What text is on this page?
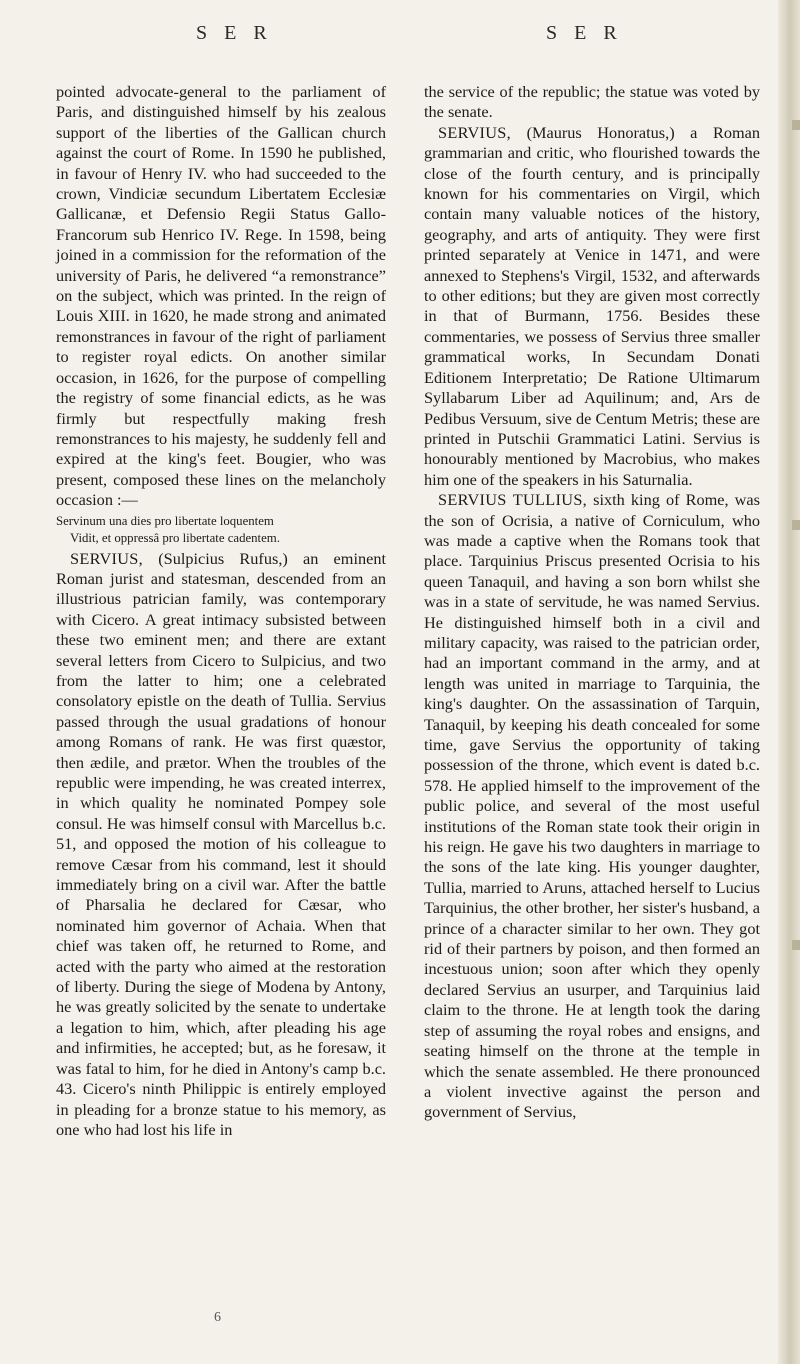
S E R	S E R

pointed advocate-general to the parliament of Paris, and distinguished himself by his zealous support of the liberties of the Gallican church against the court of Rome. In 1590 he published, in favour of Henry IV. who had succeeded to the crown, Vindiciæ secundum Libertatem Ecclesiæ Gallicanæ, et Defensio Regii Status Gallo-Francorum sub Henrico IV. Rege. In 1598, being joined in a commission for the reformation of the university of Paris, he delivered “a remonstrance” on the subject, which was printed. In the reign of Louis XIII. in 1620, he made strong and animated remonstrances in favour of the right of parliament to register royal edicts. On another similar occasion, in 1626, for the purpose of compelling the registry of some financial edicts, as he was firmly but respectfully making fresh remonstrances to his majesty, he suddenly fell and expired at the king's feet. Bougier, who was present, composed these lines on the melancholy occasion :—

Servinum una dies pro libertate loquentem
Vidit, et oppressâ pro libertate cadentem.

SERVIUS, (Sulpicius Rufus,) an eminent Roman jurist and statesman, descended from an illustrious patrician family, was contemporary with Cicero. A great intimacy subsisted between these two eminent men; and there are extant several letters from Cicero to Sulpicius, and two from the latter to him; one a celebrated consolatory epistle on the death of Tullia. Servius passed through the usual gradations of honour among Romans of rank. He was first quæstor, then ædile, and prætor. When the troubles of the republic were impending, he was created interrex, in which quality he nominated Pompey sole consul. He was himself consul with Marcellus b.c. 51, and opposed the motion of his colleague to remove Cæsar from his command, lest it should immediately bring on a civil war. After the battle of Pharsalia he declared for Cæsar, who nominated him governor of Achaia. When that chief was taken off, he returned to Rome, and acted with the party who aimed at the restoration of liberty. During the siege of Modena by Antony, he was greatly solicited by the senate to undertake a legation to him, which, after pleading his age and infirmities, he accepted; but, as he foresaw, it was fatal to him, for he died in Antony's camp b.c. 43. Cicero's ninth Philippic is entirely employed in pleading for a bronze statue to his memory, as one who had lost his life in

the service of the republic; the statue was voted by the senate.

SERVIUS, (Maurus Honoratus,) a Roman grammarian and critic, who flourished towards the close of the fourth century, and is principally known for his commentaries on Virgil, which contain many valuable notices of the history, geography, and arts of antiquity. They were first printed separately at Venice in 1471, and were annexed to Stephens's Virgil, 1532, and afterwards to other editions; but they are given most correctly in that of Burmann, 1756. Besides these commentaries, we possess of Servius three smaller grammatical works, In Secundam Donati Editionem Interpretatio; De Ratione Ultimarum Syllabarum Liber ad Aquilinum; and, Ars de Pedibus Versuum, sive de Centum Metris; these are printed in Putschii Grammatici Latini. Servius is honourably mentioned by Macrobius, who makes him one of the speakers in his Saturnalia.

SERVIUS TULLIUS, sixth king of Rome, was the son of Ocrisia, a native of Corniculum, who was made a captive when the Romans took that place. Tarquinius Priscus presented Ocrisia to his queen Tanaquil, and having a son born whilst she was in a state of servitude, he was named Servius. He distinguished himself both in a civil and military capacity, was raised to the patrician order, had an important command in the army, and at length was united in marriage to Tarquinia, the king's daughter. On the assassination of Tarquin, Tanaquil, by keeping his death concealed for some time, gave Servius the opportunity of taking possession of the throne, which event is dated b.c. 578. He applied himself to the improvement of the public police, and several of the most useful institutions of the Roman state took their origin in his reign. He gave his two daughters in marriage to the sons of the late king. His younger daughter, Tullia, married to Aruns, attached herself to Lucius Tarquinius, the other brother, her sister's husband, a prince of a character similar to her own. They got rid of their partners by poison, and then formed an incestuous union; soon after which they openly declared Servius an usurper, and Tarquinius laid claim to the throne. He at length took the daring step of assuming the royal robes and ensigns, and seating himself on the throne at the temple in which the senate assembled. He there pronounced a violent invective against the person and government of Servius,

6
